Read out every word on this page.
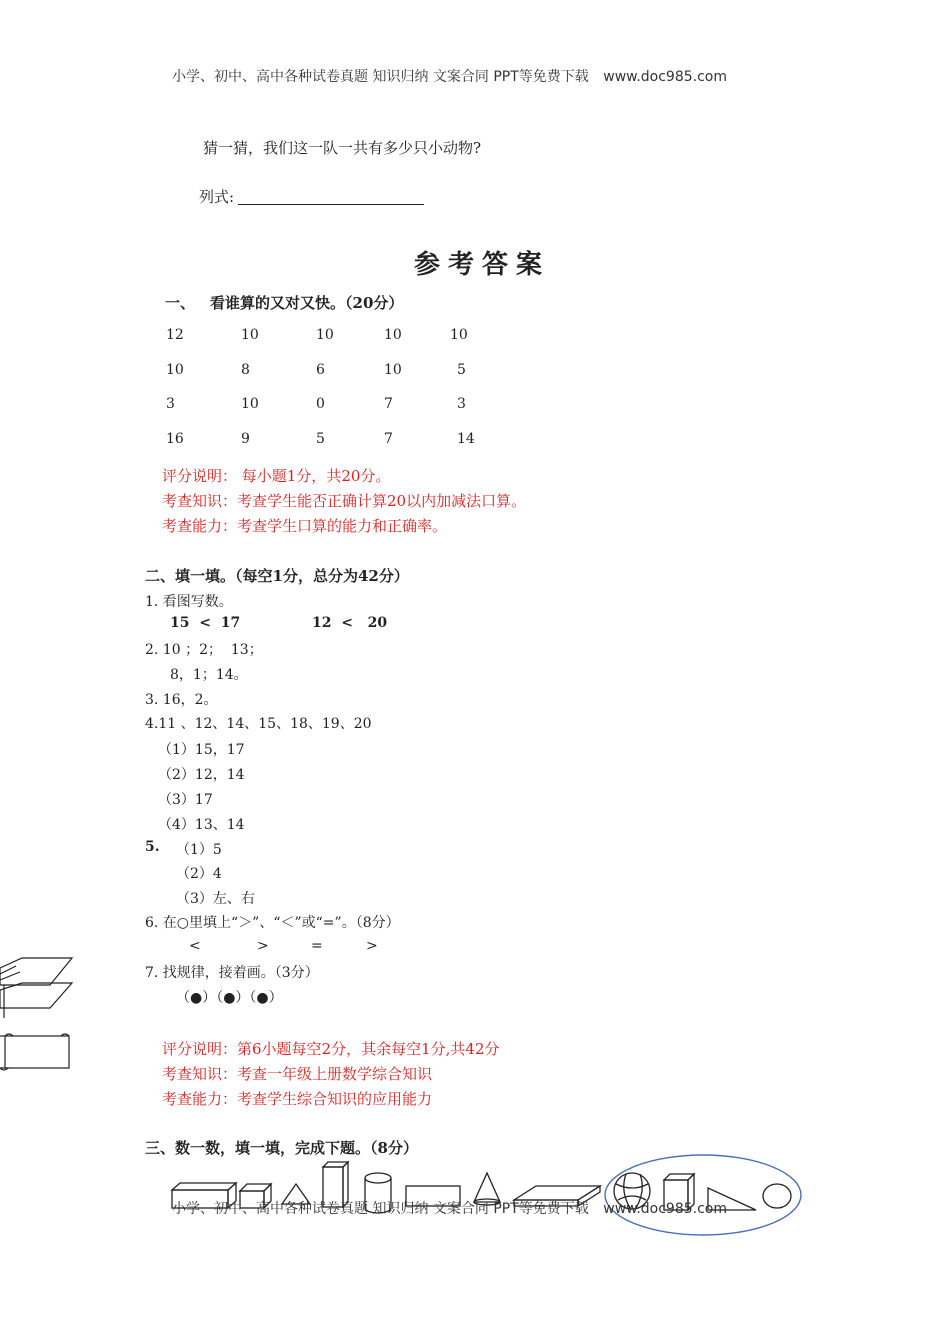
小学、初中、高中各种试卷真题 知识归纳 文案合同 PPT等免费下载 www.doc985.com
猜一猜，我们这一队一共有多少只小动物?
列式:
参考答案
一、 看谁算的又对又快。（20分）
12	10	10	10	10
10	8	6	10	5
3	10	0	7	3
16	9	5	7	14
评分说明： 每小题1分，共20分。
考查知识：考查学生能否正确计算20以内加减法口算。
考查能力：考查学生口算的能力和正确率。
二、填一填。（每空1分，总分为42分）
1. 看图写数。
15  <  17	12  <   20
2. 10 ；2；  13；
8，1；14。
3. 16，2。
4.11 、12、14、15、18、19、20
（1）15，17
（2）12，14
（3）17
（4）13、14
5. （1）5
（2）4
（3）左、右
6. 在○里填上“＞”、“＜”或“=”。（8分）
<	>	=	>
7. 找规律，接着画。（3分）
（●）（●）（●）
评分说明：第6小题每空2分，其余每空1分,共42分
考查知识：考查一年级上册数学综合知识
考查能力：考查学生综合知识的应用能力
三、数一数，填一填，完成下题。（8分）
小学、初中、高中各种试卷真题 知识归纳 文案合同 PPT等免费下载 www.doc985.com
